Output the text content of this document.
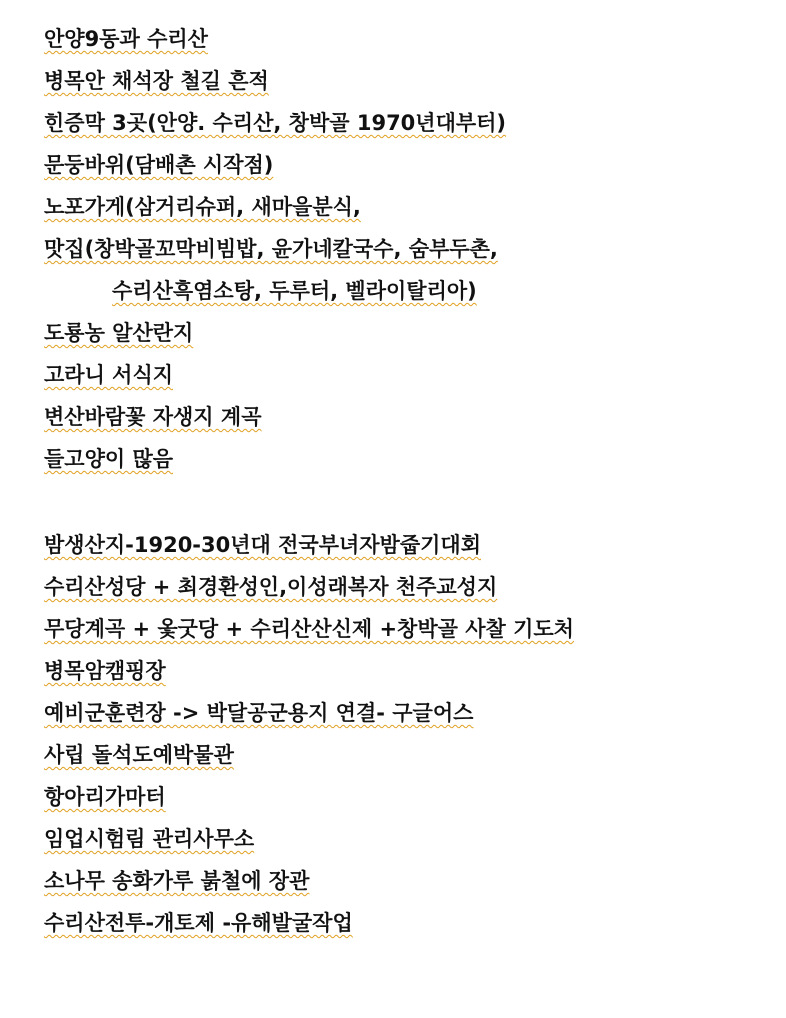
안양9동과 수리산
병목안 채석장 철길 흔적
힌증막 3곳(안양. 수리산, 창박골 1970년대부터)
문둥바위(담배촌 시작점)
노포가게(삼거리슈퍼, 새마을분식,
맛집(창박골꼬막비빔밥, 윤가네칼국수, 숨부두촌,
수리산흑염소탕, 두루터, 벨라이탈리아)
도룡농 알산란지
고라니 서식지
변산바람꽃 자생지 계곡
들고양이 많음
밤생산지-1920-30년대 전국부녀자밤줍기대회
수리산성당 + 최경환성인,이성래복자 천주교성지
무당계곡 + 옻굿당 + 수리산산신제 +창박골 사찰 기도처
병목암캠핑장
예비군훈련장 -> 박달공군용지 연결- 구글어스
사립 돌석도예박물관
항아리가마터
임업시험림 관리사무소
소나무 송화가루 붉철에 장관
수리산전투-개토제 -유해발굴작업
